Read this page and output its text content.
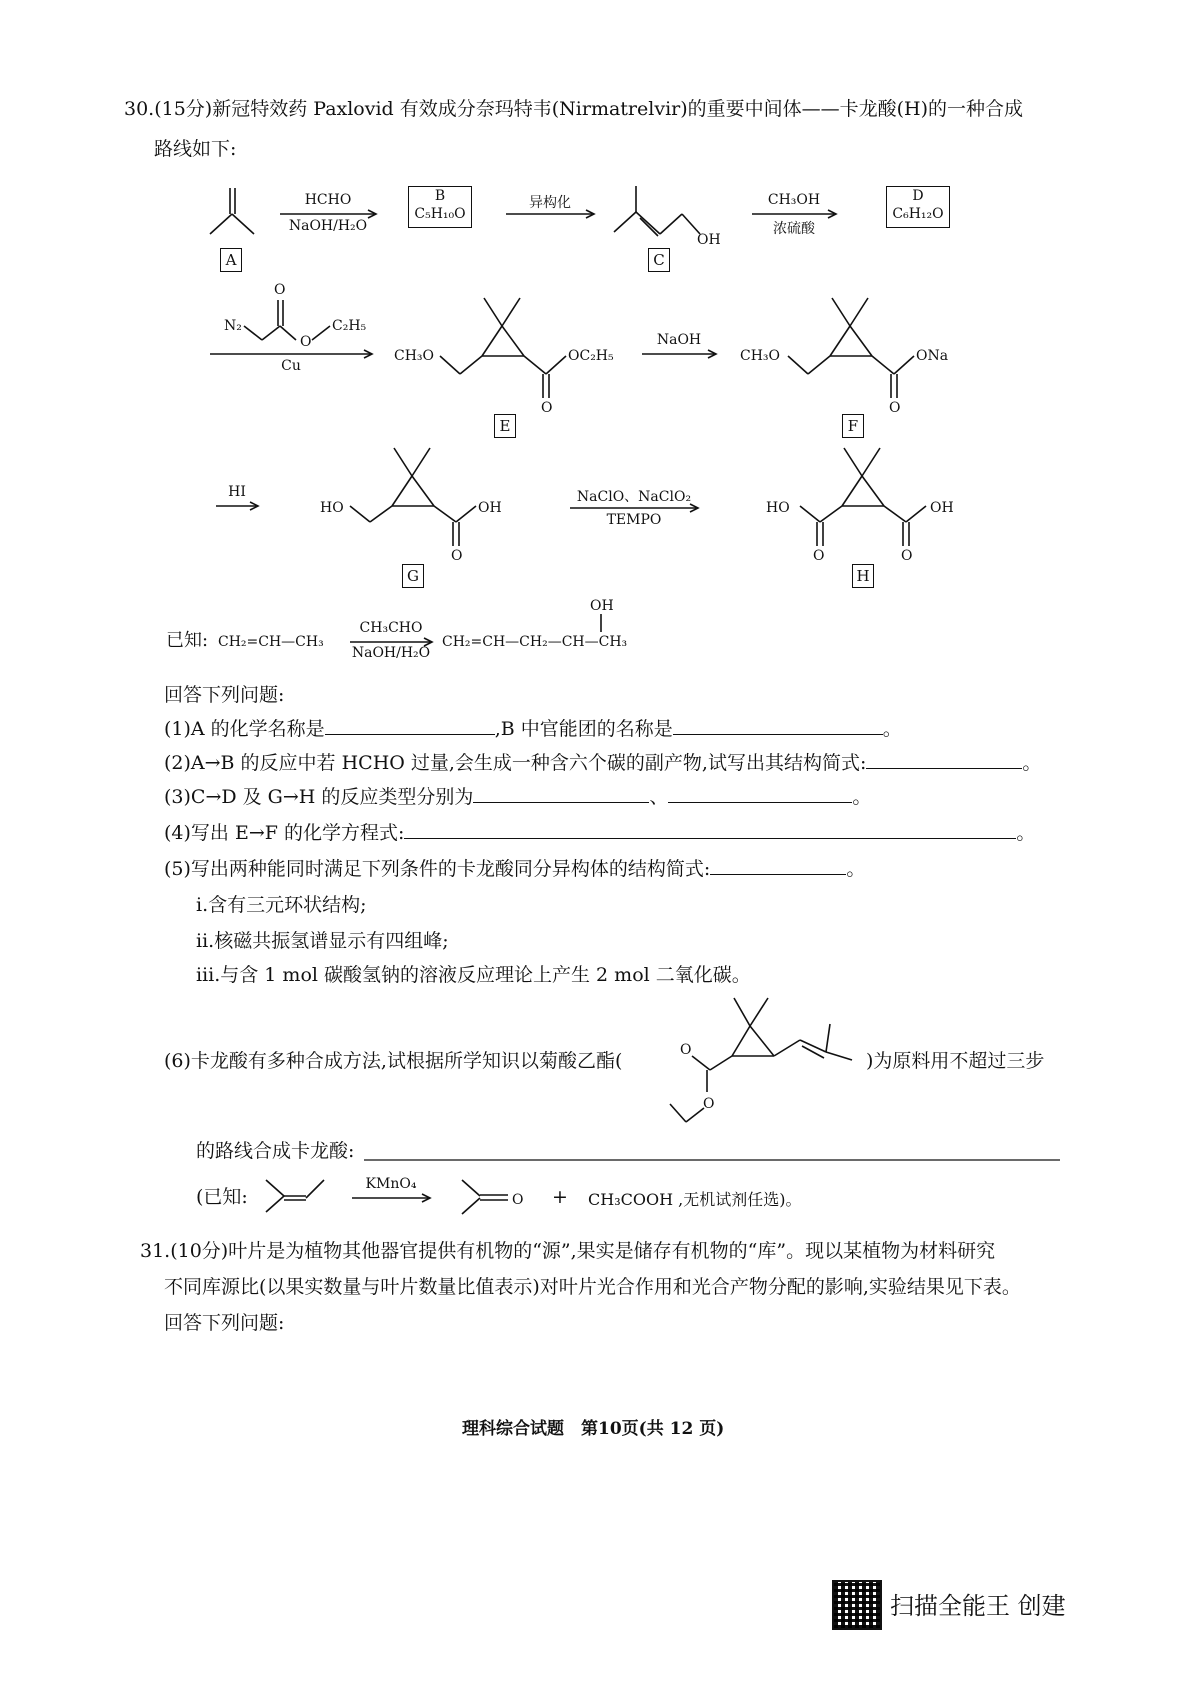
30.(15分)新冠特效药 Paxlovid 有效成分奈玛特韦(Nirmatrelvir)的重要中间体——卡龙酸(H)的一种合成
路线如下:
OH
N₂
O
O
C₂H₅
CH₃O	OC₂H₅
O
CH₃O	ONa
O
HO	OH
O
HO	OH
O	O
OH
O
O
O
A
B
C₅H₁₀O
C
D
C₆H₁₂O
E	F
G	H
HCHO
NaOH/H₂O
异构化	CH₃OH
浓硫酸
Cu
NaOH
HI	NaClO、NaClO₂
TEMPO
已知: CH₂=CH—CH₃
CH₃CHO
NaOH/H₂O
CH₂=CH—CH₂—CH—CH₃
回答下列问题:
(1)A 的化学名称是	,B 中官能团的名称是	。
(2)A→B 的反应中若 HCHO 过量,会生成一种含六个碳的副产物,试写出其结构简式:	。
(3)C→D 及 G→H 的反应类型分别为	、	。
(4)写出 E→F 的化学方程式:	。
(5)写出两种能同时满足下列条件的卡龙酸同分异构体的结构简式:	。
ⅰ.含有三元环状结构;
ⅱ.核磁共振氢谱显示有四组峰;
ⅲ.与含 1 mol 碳酸氢钠的溶液反应理论上产生 2 mol 二氧化碳。
(6)卡龙酸有多种合成方法,试根据所学知识以菊酸乙酯(	)为原料用不超过三步
的路线合成卡龙酸:
(已知:
KMnO₄
+ CH₃COOH ,无机试剂任选)。
31.(10分)叶片是为植物其他器官提供有机物的“源”,果实是储存有机物的“库”。现以某植物为材料研究
不同库源比(以果实数量与叶片数量比值表示)对叶片光合作用和光合产物分配的影响,实验结果见下表。
回答下列问题:
理科综合试题　第10页(共 12 页)
扫描全能王 创建
